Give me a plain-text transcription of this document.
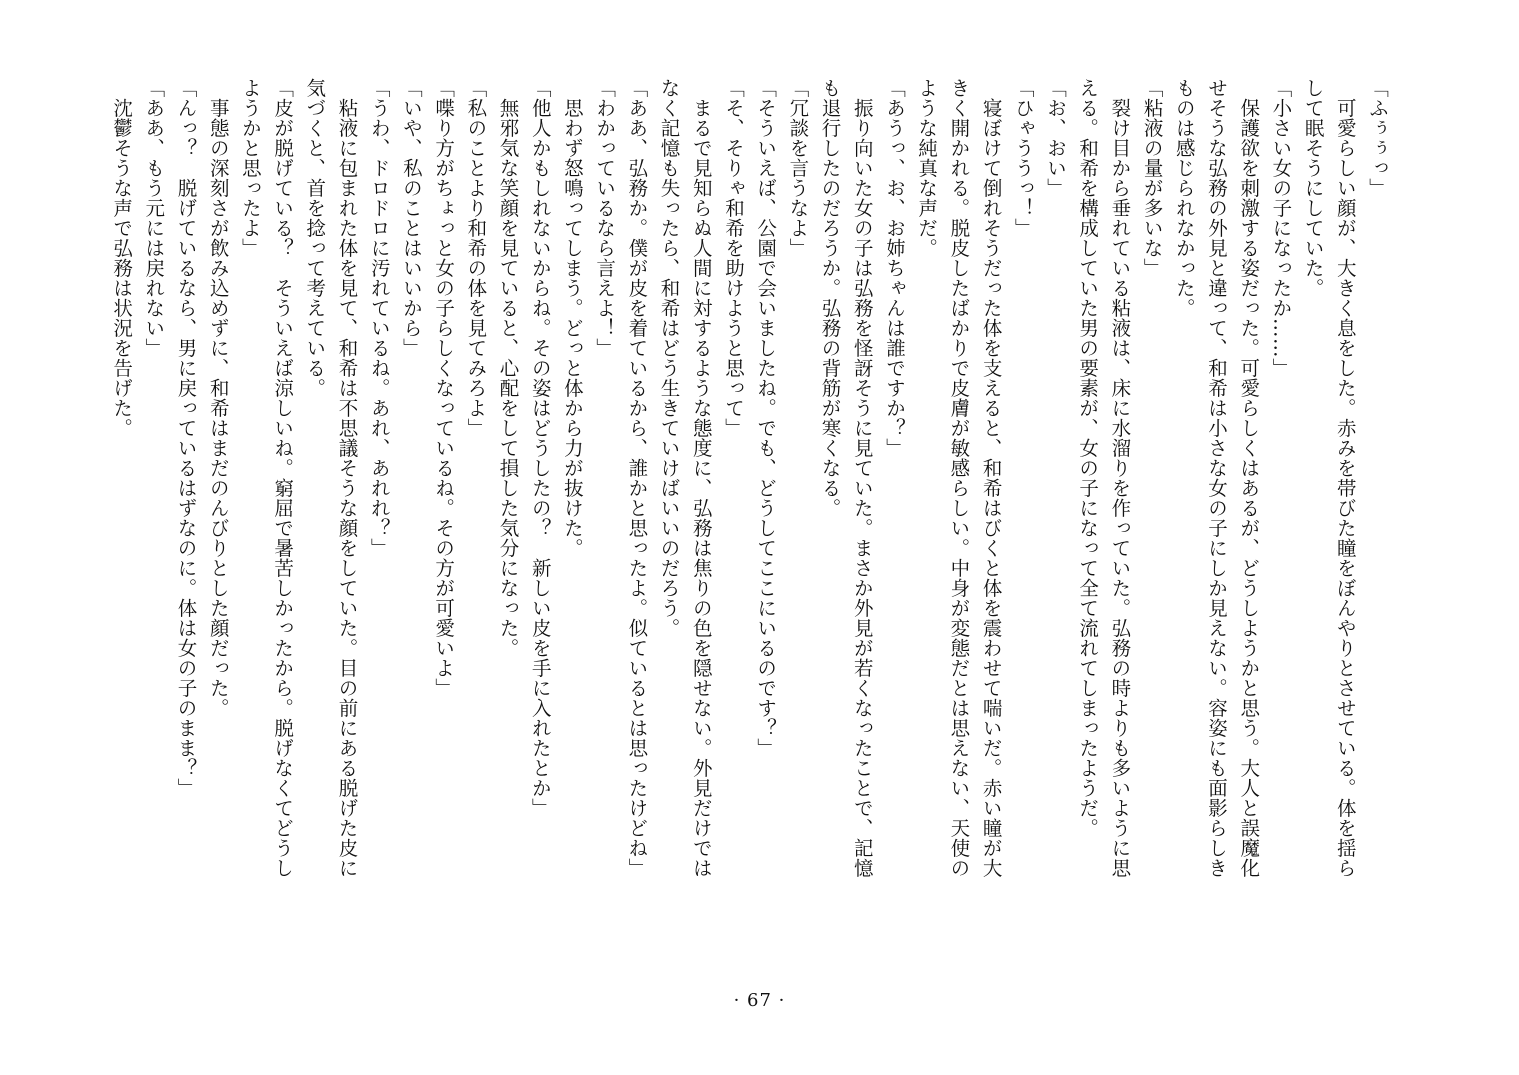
「ふぅぅっ」
　可愛らしい顔が、大きく息をした。赤みを帯びた瞳をぼんやりとさせている。体を揺ら
して眠そうにしていた。
「小さい女の子になったか……」
　保護欲を刺激する姿だった。可愛らしくはあるが、どうしようかと思う。大人と誤魔化
せそうな弘務の外見と違って、和希は小さな女の子にしか見えない。容姿にも面影らしき
ものは感じられなかった。
「粘液の量が多いな」
　裂け目から垂れている粘液は、床に水溜りを作っていた。弘務の時よりも多いように思
える。和希を構成していた男の要素が、女の子になって全て流れてしまったようだ。
「お、おい」
「ひゃううっ！」
　寝ぼけて倒れそうだった体を支えると、和希はびくと体を震わせて喘いだ。赤い瞳が大
きく開かれる。脱皮したばかりで皮膚が敏感らしい。中身が変態だとは思えない、天使の
ような純真な声だ。
「あうっ、お、お姉ちゃんは誰ですか？」
　振り向いた女の子は弘務を怪訝そうに見ていた。まさか外見が若くなったことで、記憶
も退行したのだろうか。弘務の背筋が寒くなる。
「冗談を言うなよ」
「そういえば、公園で会いましたね。でも、どうしてここにいるのです？」
「そ、そりゃ和希を助けようと思って」
　まるで見知らぬ人間に対するような態度に、弘務は焦りの色を隠せない。外見だけでは
なく記憶も失ったら、和希はどう生きていけばいいのだろう。
「ああ、弘務か。僕が皮を着ているから、誰かと思ったよ。似ているとは思ったけどね」
「わかっているなら言えよ！」
　思わず怒鳴ってしまう。どっと体から力が抜けた。
「他人かもしれないからね。その姿はどうしたの？　新しい皮を手に入れたとか」
　無邪気な笑顔を見ていると、心配をして損した気分になった。
「私のことより和希の体を見てみろよ」
「喋り方がちょっと女の子らしくなっているね。その方が可愛いよ」
「いや、私のことはいいから」
「うわ、ドロドロに汚れているね。あれ、あれれ？」
　粘液に包まれた体を見て、和希は不思議そうな顔をしていた。目の前にある脱げた皮に
気づくと、首を捻って考えている。
「皮が脱げている？　そういえば涼しいね。窮屈で暑苦しかったから。脱げなくてどうし
ようかと思ったよ」
　事態の深刻さが飲み込めずに、和希はまだのんびりとした顔だった。
「んっ？　脱げているなら、男に戻っているはずなのに。体は女の子のまま？」
「ああ、もう元には戻れない」
　沈鬱そうな声で弘務は状況を告げた。
· 67 ·
